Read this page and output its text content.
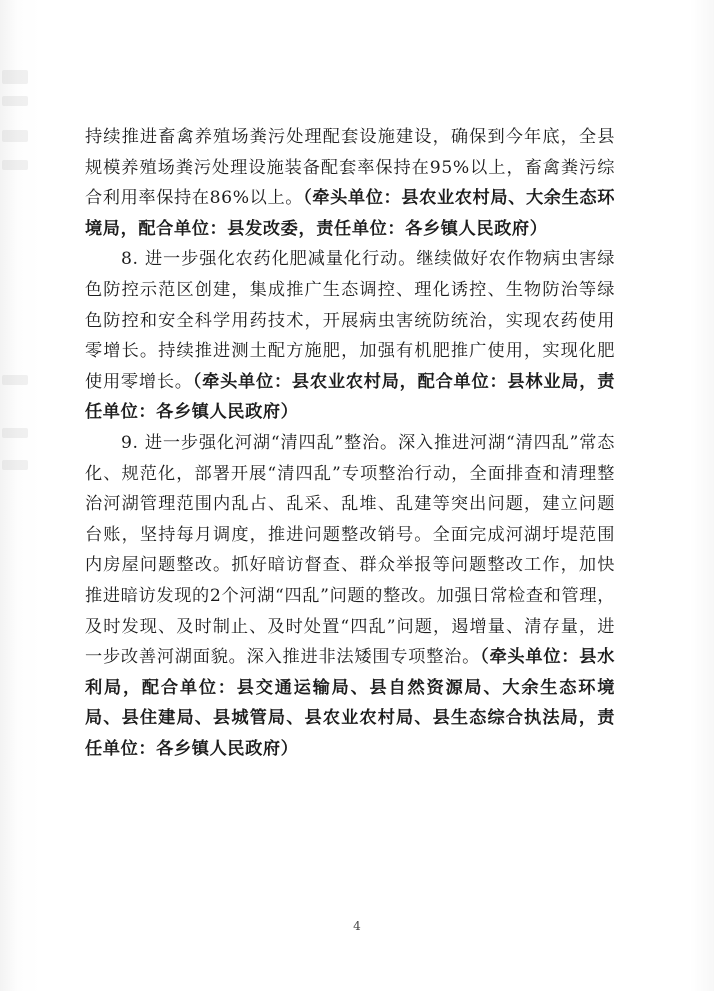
持续推进畜禽养殖场粪污处理配套设施建设，确保到今年底，全县规模养殖场粪污处理设施装备配套率保持在95%以上，畜禽粪污综合利用率保持在86%以上。（牵头单位：县农业农村局、大余生态环境局，配合单位：县发改委，责任单位：各乡镇人民政府）

8. 进一步强化农药化肥减量化行动。继续做好农作物病虫害绿色防控示范区创建，集成推广生态调控、理化诱控、生物防治等绿色防控和安全科学用药技术，开展病虫害统防统治，实现农药使用零增长。持续推进测土配方施肥，加强有机肥推广使用，实现化肥使用零增长。（牵头单位：县农业农村局，配合单位：县林业局，责任单位：各乡镇人民政府）

9. 进一步强化河湖“清四乱”整治。深入推进河湖“清四乱”常态化、规范化，部署开展“清四乱”专项整治行动，全面排查和清理整治河湖管理范围内乱占、乱采、乱堆、乱建等突出问题，建立问题台账，坚持每月调度，推进问题整改销号。全面完成河湖圩堤范围内房屋问题整改。抓好暗访督查、群众举报等问题整改工作，加快推进暗访发现的2个河湖“四乱”问题的整改。加强日常检查和管理，及时发现、及时制止、及时处置“四乱”问题，遏增量、清存量，进一步改善河湖面貌。深入推进非法矮围专项整治。（牵头单位：县水利局，配合单位：县交通运输局、县自然资源局、大余生态环境局、县住建局、县城管局、县农业农村局、县生态综合执法局，责任单位：各乡镇人民政府）

4
